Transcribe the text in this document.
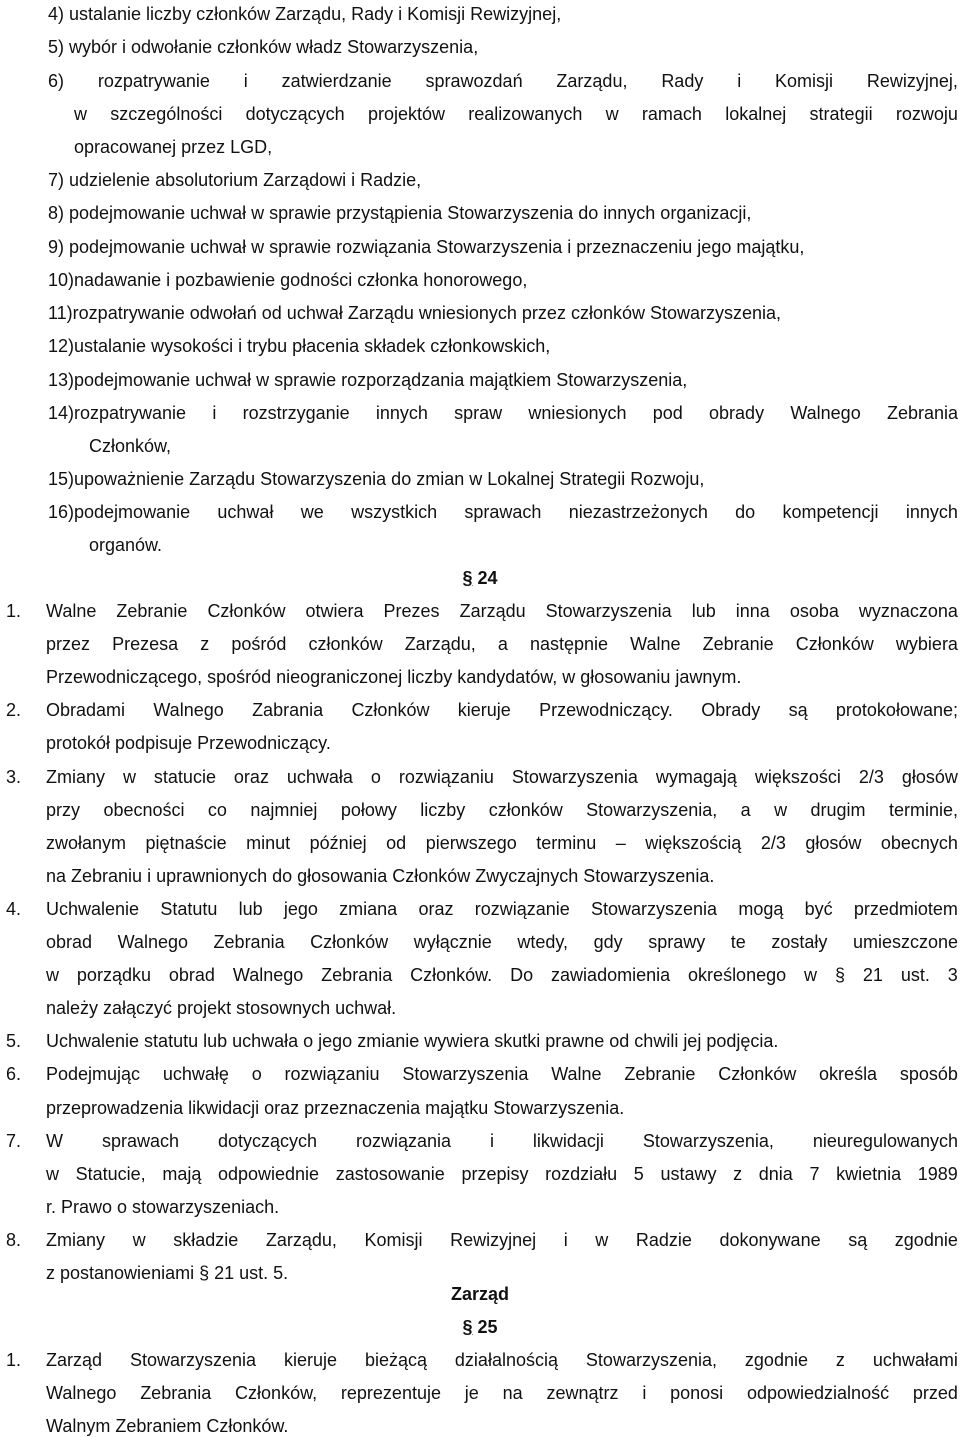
4) ustalanie liczby członków Zarządu, Rady i Komisji Rewizyjnej,
5) wybór i odwołanie członków władz Stowarzyszenia,
6) rozpatrywanie i zatwierdzanie sprawozdań Zarządu, Rady i Komisji Rewizyjnej,
w szczególności dotyczących projektów realizowanych w ramach lokalnej strategii rozwoju
opracowanej przez LGD,
7) udzielenie absolutorium Zarządowi i Radzie,
8) podejmowanie uchwał w sprawie przystąpienia Stowarzyszenia do innych organizacji,
9) podejmowanie uchwał w sprawie rozwiązania Stowarzyszenia i przeznaczeniu jego majątku,
10)nadawanie i pozbawienie godności członka honorowego,
11)rozpatrywanie odwołań od uchwał Zarządu wniesionych przez członków Stowarzyszenia,
12)ustalanie wysokości i trybu płacenia składek członkowskich,
13)podejmowanie uchwał w sprawie rozporządzania majątkiem Stowarzyszenia,
14)rozpatrywanie i rozstrzyganie innych spraw wniesionych pod obrady Walnego Zebrania
Członków,
15)upoważnienie Zarządu Stowarzyszenia do zmian w Lokalnej Strategii Rozwoju,
16)podejmowanie uchwał we wszystkich sprawach niezastrzeżonych do kompetencji innych
organów.
§ 24
1. Walne Zebranie Członków otwiera Prezes Zarządu Stowarzyszenia lub inna osoba wyznaczona
przez Prezesa z pośród członków Zarządu, a następnie Walne Zebranie Członków wybiera
Przewodniczącego, spośród nieograniczonej liczby kandydatów, w głosowaniu jawnym.
2. Obradami Walnego Zabrania Członków kieruje Przewodniczący. Obrady są protokołowane;
protokół podpisuje Przewodniczący.
3. Zmiany w statucie oraz uchwała o rozwiązaniu Stowarzyszenia wymagają większości 2/3 głosów
przy obecności co najmniej połowy liczby członków Stowarzyszenia, a w drugim terminie,
zwołanym piętnaście minut później od pierwszego terminu – większością 2/3 głosów obecnych
na Zebraniu i uprawnionych do głosowania Członków Zwyczajnych Stowarzyszenia.
4. Uchwalenie Statutu lub jego zmiana oraz rozwiązanie Stowarzyszenia mogą być przedmiotem
obrad Walnego Zebrania Członków wyłącznie wtedy, gdy sprawy te zostały umieszczone
w porządku obrad Walnego Zebrania Członków. Do zawiadomienia określonego w § 21 ust. 3
należy załączyć projekt stosownych uchwał.
5. Uchwalenie statutu lub uchwała o jego zmianie wywiera skutki prawne od chwili jej podjęcia.
6. Podejmując uchwałę o rozwiązaniu Stowarzyszenia Walne Zebranie Członków określa sposób
przeprowadzenia likwidacji oraz przeznaczenia majątku Stowarzyszenia.
7. W sprawach dotyczących rozwiązania i likwidacji Stowarzyszenia, nieuregulowanych
w Statucie, mają odpowiednie zastosowanie przepisy rozdziału 5 ustawy z dnia 7 kwietnia 1989
r. Prawo o stowarzyszeniach.
8. Zmiany w składzie Zarządu, Komisji Rewizyjnej i w Radzie dokonywane są zgodnie
z postanowieniami § 21 ust. 5.
Zarząd
§ 25
1. Zarząd Stowarzyszenia kieruje bieżącą działalnością Stowarzyszenia, zgodnie z uchwałami
Walnego Zebrania Członków, reprezentuje je na zewnątrz i ponosi odpowiedzialność przed
Walnym Zebraniem Członków.
